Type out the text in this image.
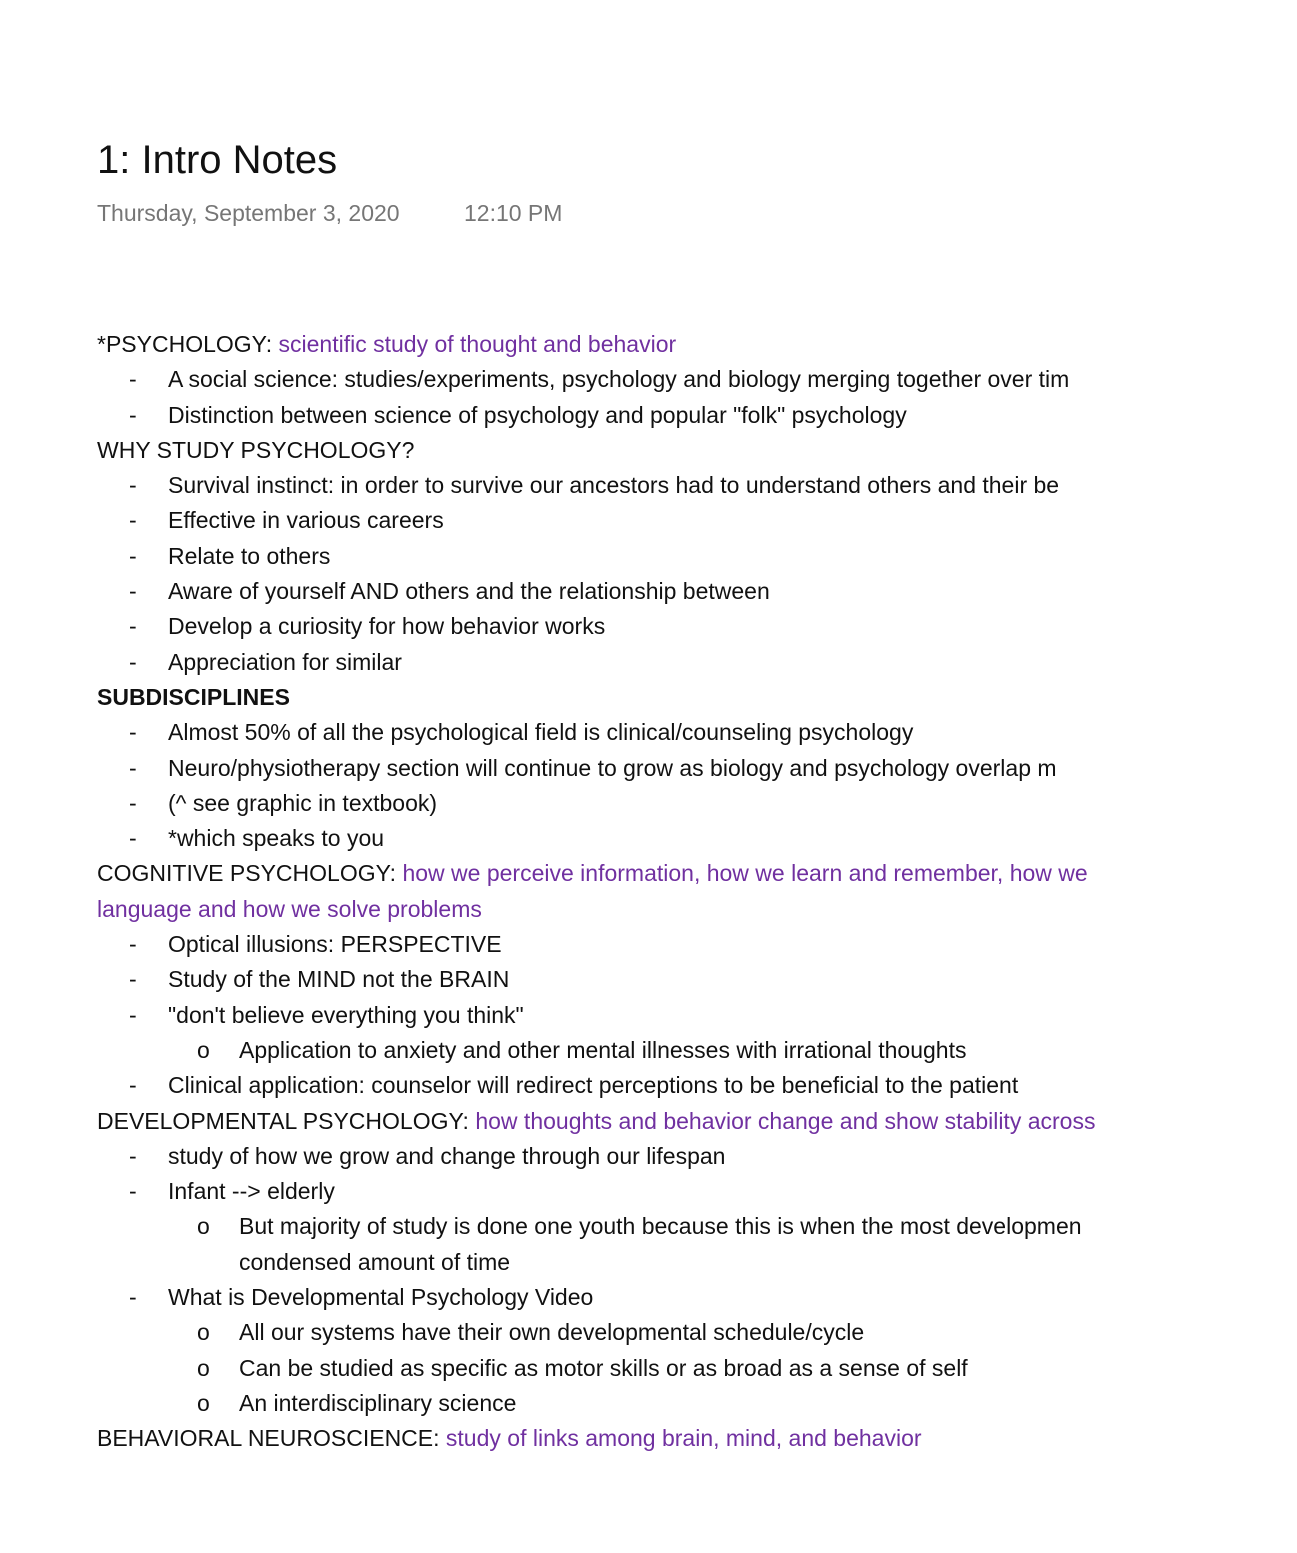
1: Intro Notes
Thursday, September 3, 2020	12:10 PM
*PSYCHOLOGY: scientific study of thought and behavior
-	A social science: studies/experiments, psychology and biology merging together over tim
-	Distinction between science of psychology and popular "folk" psychology
WHY STUDY PSYCHOLOGY?
-	Survival instinct: in order to survive our ancestors had to understand others and their be
-	Effective in various careers
-	Relate to others
-	Aware of yourself AND others and the relationship between
-	Develop a curiosity for how behavior works
-	Appreciation for similar
SUBDISCIPLINES
-	Almost 50% of all the psychological field is clinical/counseling psychology
-	Neuro/physiotherapy section will continue to grow as biology and psychology overlap m
-	(^ see graphic in textbook)
-	*which speaks to you
COGNITIVE PSYCHOLOGY: how we perceive information, how we learn and remember, how we
language and how we solve problems
-	Optical illusions: PERSPECTIVE
-	Study of the MIND not the BRAIN
-	"don't believe everything you think"
o	Application to anxiety and other mental illnesses with irrational thoughts
-	Clinical application: counselor will redirect perceptions to be beneficial to the patient
DEVELOPMENTAL PSYCHOLOGY: how thoughts and behavior change and show stability across
-	study of how we grow and change through our lifespan
-	Infant --> elderly
o	But majority of study is done one youth because this is when the most developmen
condensed amount of time
-	What is Developmental Psychology Video
o	All our systems have their own developmental schedule/cycle
o	Can be studied as specific as motor skills or as broad as a sense of self
o	An interdisciplinary science
BEHAVIORAL NEUROSCIENCE: study of links among brain, mind, and behavior
